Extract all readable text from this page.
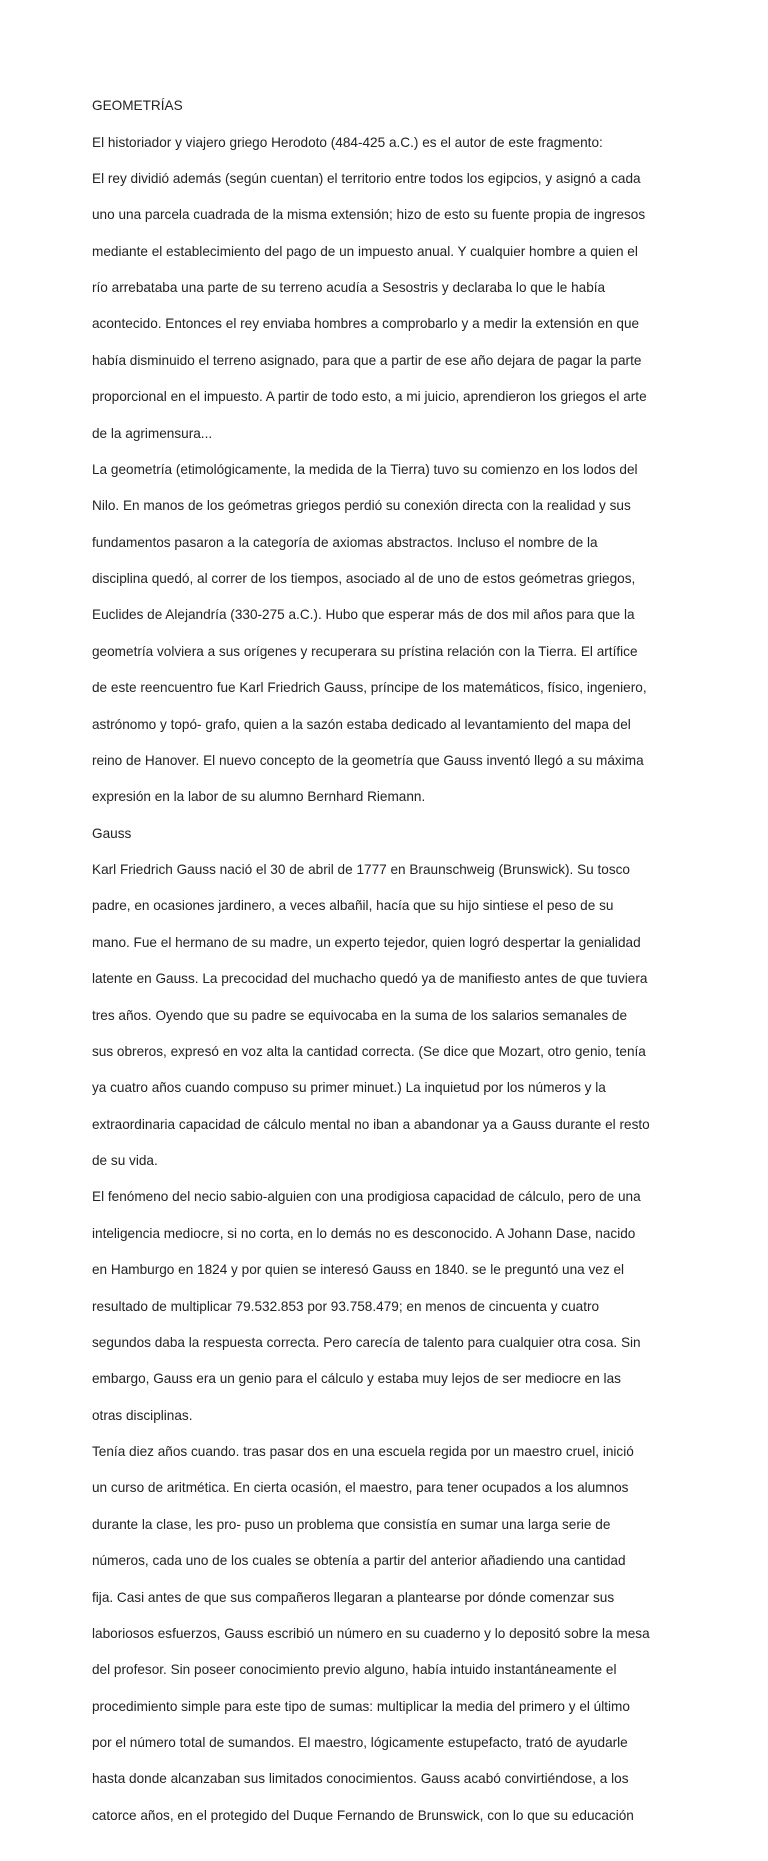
GEOMETRÍAS

El historiador y viajero griego Herodoto (484-425 a.C.) es el autor de este fragmento:

El rey dividió además (según cuentan) el territorio entre todos los egipcios, y asignó a cada

uno una parcela cuadrada de la misma extensión; hizo de esto su fuente propia de ingresos

mediante el establecimiento del pago de un impuesto anual. Y cualquier hombre a quien el

río arrebataba una parte de su terreno acudía a Sesostris y declaraba lo que le había

acontecido. Entonces el rey enviaba hombres a comprobarlo y a medir la extensión en que

había disminuido el terreno asignado, para que a partir de ese año dejara de pagar la parte

proporcional en el impuesto. A partir de todo esto, a mi juicio, aprendieron los griegos el arte

de la agrimensura...

La geometría (etimológicamente, la medida de la Tierra) tuvo su comienzo en los lodos del

Nilo. En manos de los geómetras griegos perdió su conexión directa con la realidad y sus

fundamentos pasaron a la categoría de axiomas abstractos. Incluso el nombre de la

disciplina quedó, al correr de los tiempos, asociado al de uno de estos geómetras griegos,

Euclides de Alejandría (330-275 a.C.). Hubo que esperar más de dos mil años para que la

geometría volviera a sus orígenes y recuperara su prístina relación con la Tierra. El artífice

de este reencuentro fue Karl Friedrich Gauss, príncipe de los matemáticos, físico, ingeniero,

astrónomo y topó- grafo, quien a la sazón estaba dedicado al levantamiento del mapa del

reino de Hanover. El nuevo concepto de la geometría que Gauss inventó llegó a su máxima

expresión en la labor de su alumno Bernhard Riemann.

Gauss

Karl Friedrich Gauss nació el 30 de abril de 1777 en Braunschweig (Brunswick). Su tosco

padre, en ocasiones jardinero, a veces albañil, hacía que su hijo sintiese el peso de su

mano. Fue el hermano de su madre, un experto tejedor, quien logró despertar la genialidad

latente en Gauss. La precocidad del muchacho quedó ya de manifiesto antes de que tuviera

tres años. Oyendo que su padre se equivocaba en la suma de los salarios semanales de

sus obreros, expresó en voz alta la cantidad correcta. (Se dice que Mozart, otro genio, tenía

ya cuatro años cuando compuso su primer minuet.) La inquietud por los números y la

extraordinaria capacidad de cálculo mental no iban a abandonar ya a Gauss durante el resto

de su vida.

El fenómeno del necio sabio-alguien con una prodigiosa capacidad de cálculo, pero de una

inteligencia mediocre, si no corta, en lo demás no es desconocido. A Johann Dase, nacido

en Hamburgo en 1824 y por quien se interesó Gauss en 1840. se le preguntó una vez el

resultado de multiplicar 79.532.853 por 93.758.479; en menos de cincuenta y cuatro

segundos daba la respuesta correcta. Pero carecía de talento para cualquier otra cosa. Sin

embargo, Gauss era un genio para el cálculo y estaba muy lejos de ser mediocre en las

otras disciplinas.

Tenía diez años cuando. tras pasar dos en una escuela regida por un maestro cruel, inició

un curso de aritmética. En cierta ocasión, el maestro, para tener ocupados a los alumnos

durante la clase, les pro- puso un problema que consistía en sumar una larga serie de

números, cada uno de los cuales se obtenía a partir del anterior añadiendo una cantidad

fija. Casi antes de que sus compañeros llegaran a plantearse por dónde comenzar sus

laboriosos esfuerzos, Gauss escribió un número en su cuaderno y lo depositó sobre la mesa

del profesor. Sin poseer conocimiento previo alguno, había intuido instantáneamente el

procedimiento simple para este tipo de sumas: multiplicar la media del primero y el último

por el número total de sumandos. El maestro, lógicamente estupefacto, trató de ayudarle

hasta donde alcanzaban sus limitados conocimientos. Gauss acabó convirtiéndose, a los

catorce años, en el protegido del Duque Fernando de Brunswick, con lo que su educación
